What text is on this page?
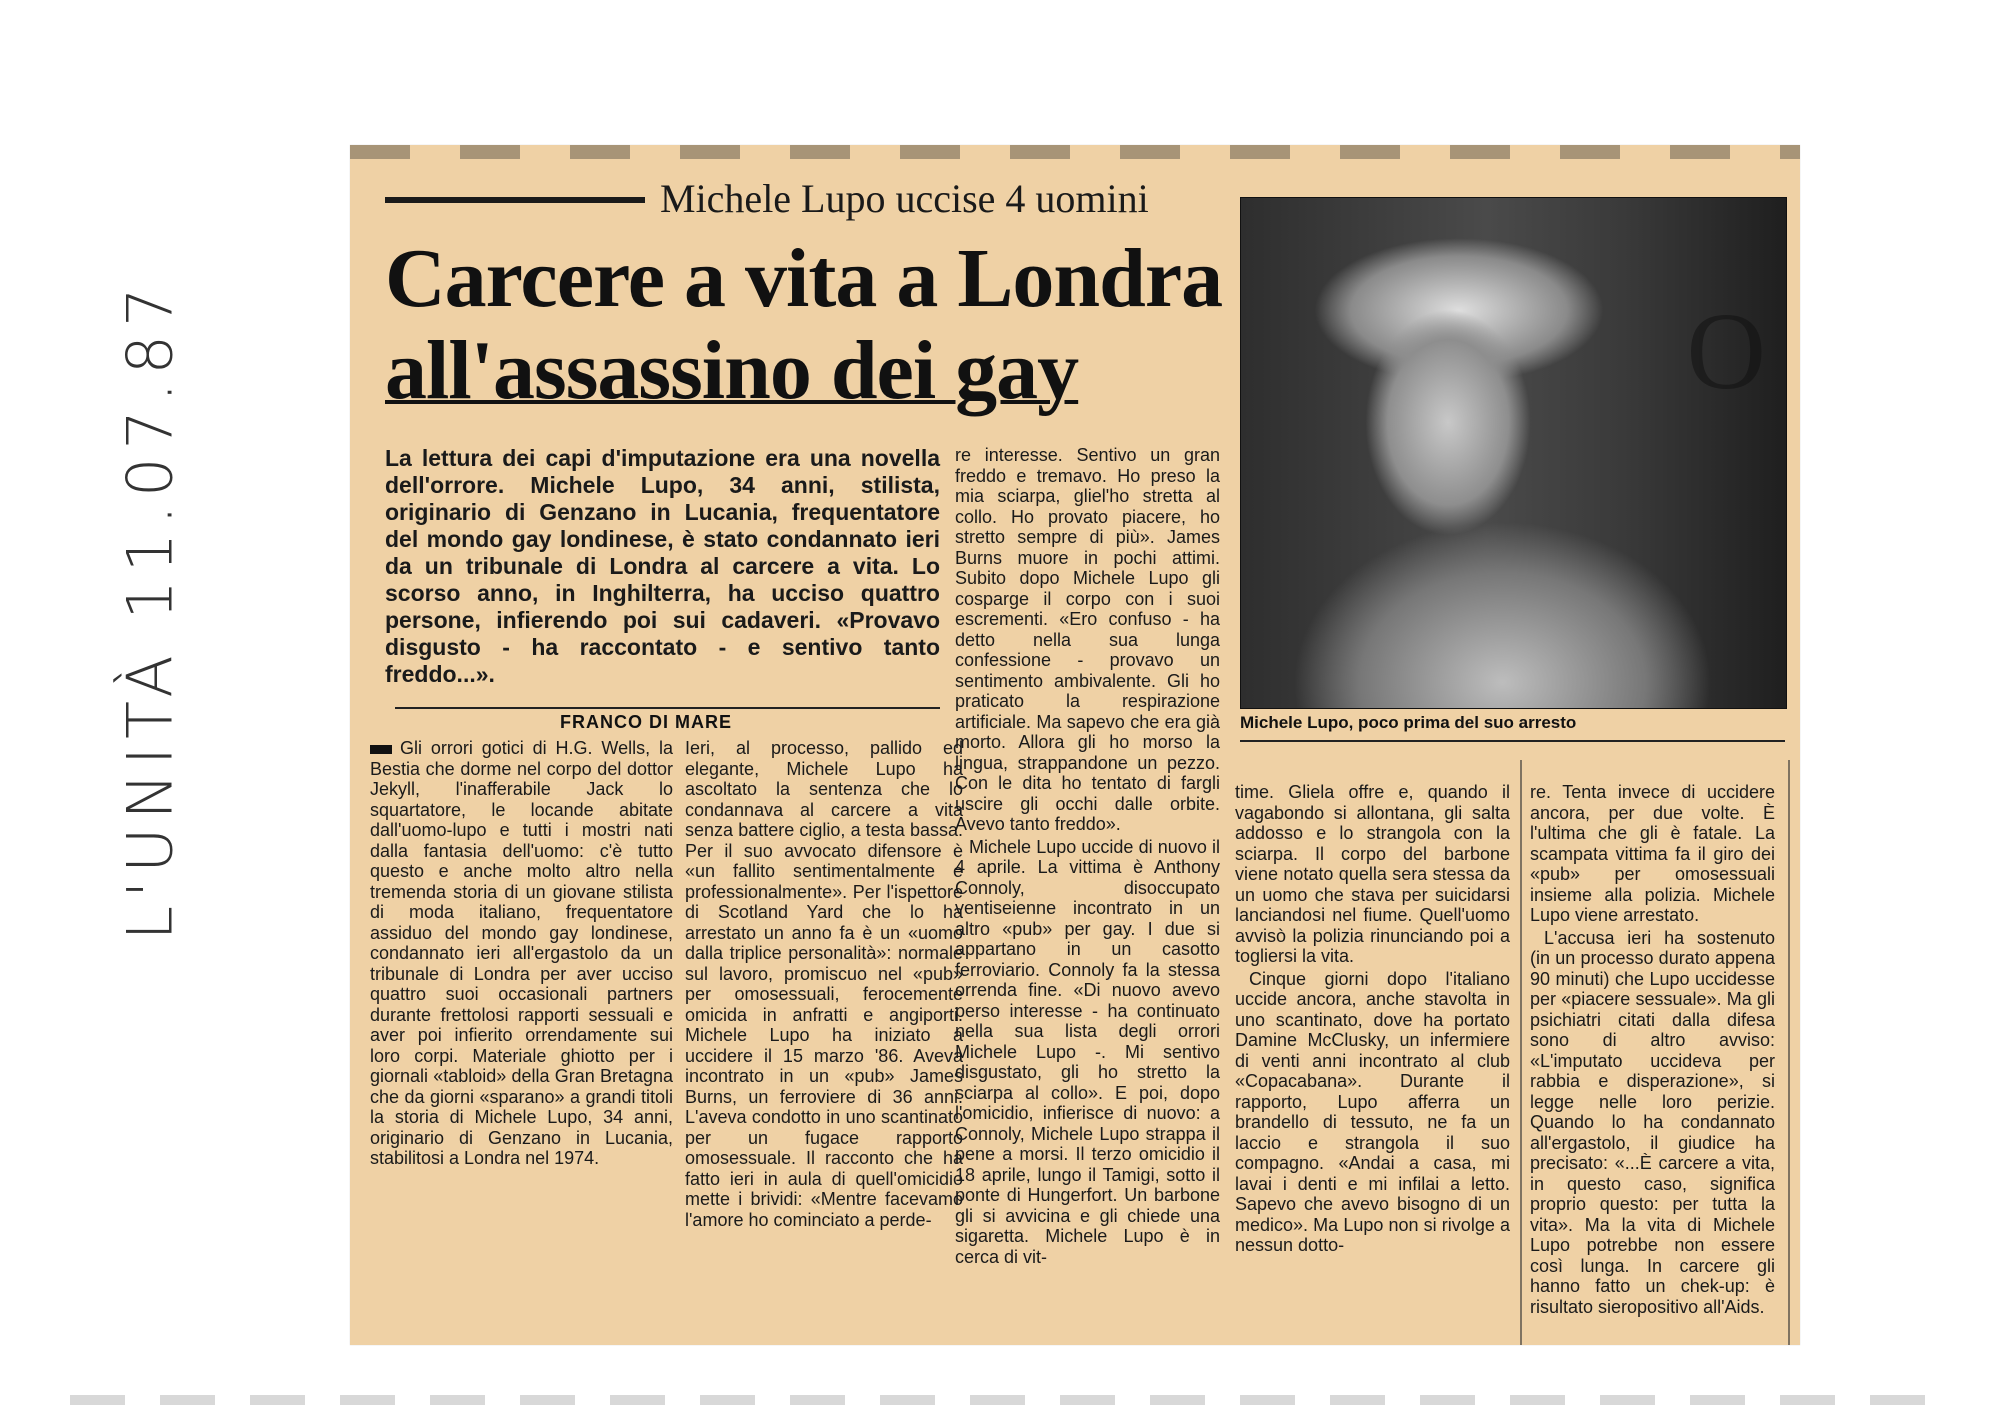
L'UNITÀ 11.07.87
Michele Lupo uccise 4 uomini
Carcere a vita a Londra
all'assassino dei gay
La lettura dei capi d'imputazione era una novella dell'orrore. Michele Lupo, 34 anni, stilista, originario di Genzano in Lucania, frequentatore del mondo gay londinese, è stato condannato ieri da un tribunale di Londra al carcere a vita. Lo scorso anno, in Inghilterra, ha ucciso quattro persone, infierendo poi sui cadaveri. «Provavo disgusto - ha raccontato - e sentivo tanto freddo...».
FRANCO DI MARE

Gli orrori gotici di H.G. Wells, la Bestia che dorme nel corpo del dottor Jekyll, l'inafferabile Jack lo squartatore, le locande abitate dall'uomo-lupo e tutti i mostri nati dalla fantasia dell'uomo: c'è tutto questo e anche molto altro nella tremenda storia di un giovane stilista di moda italiano, frequentatore assiduo del mondo gay londinese, condannato ieri all'ergastolo da un tribunale di Londra per aver ucciso quattro suoi occasionali partners durante frettolosi rapporti sessuali e aver poi infierito orrendamente sui loro corpi. Materiale ghiotto per i giornali «tabloid» della Gran Bretagna che da giorni «sparano» a grandi titoli la storia di Michele Lupo, 34 anni, originario di Genzano in Lucania, stabilitosi a Londra nel 1974.

Ieri, al processo, pallido ed elegante, Michele Lupo ha ascoltato la sentenza che lo condannava al carcere a vita senza battere ciglio, a testa bassa. Per il suo avvocato difensore è «un fallito sentimentalmente e professionalmente». Per l'ispettore di Scotland Yard che lo ha arrestato un anno fa è un «uomo dalla triplice personalità»: normale sul lavoro, promiscuo nel «pub» per omosessuali, ferocemente omicida in anfratti e angiporti. Michele Lupo ha iniziato a uccidere il 15 marzo '86. Aveva incontrato in un «pub» James Burns, un ferroviere di 36 anni. L'aveva condotto in uno scantinato per un fugace rapporto omosessuale. Il racconto che ha fatto ieri in aula di quell'omicidio mette i brividi: «Mentre facevamo l'amore ho cominciato a perde-

re interesse. Sentivo un gran freddo e tremavo. Ho preso la mia sciarpa, gliel'ho stretta al collo. Ho provato piacere, ho stretto sempre di più». James Burns muore in pochi attimi. Subito dopo Michele Lupo gli cosparge il corpo con i suoi escrementi. «Ero confuso - ha detto nella sua lunga confessione - provavo un sentimento ambivalente. Gli ho praticato la respirazione artificiale. Ma sapevo che era già morto. Allora gli ho morso la lingua, strappandone un pezzo. Con le dita ho tentato di fargli uscire gli occhi dalle orbite. Avevo tanto freddo».

Michele Lupo uccide di nuovo il 4 aprile. La vittima è Anthony Connoly, disoccupato ventiseienne incontrato in un altro «pub» per gay. I due si appartano in un casotto ferroviario. Connoly fa la stessa orrenda fine. «Di nuovo avevo perso interesse - ha continuato nella sua lista degli orrori Michele Lupo -. Mi sentivo disgustato, gli ho stretto la sciarpa al collo». E poi, dopo l'omicidio, infierisce di nuovo: a Connoly, Michele Lupo strappa il pene a morsi. Il terzo omicidio il 18 aprile, lungo il Tamigi, sotto il ponte di Hungerfort. Un barbone gli si avvicina e gli chiede una sigaretta. Michele Lupo è in cerca di vit-

O
Michele Lupo, poco prima del suo arresto

time. Gliela offre e, quando il vagabondo si allontana, gli salta addosso e lo strangola con la sciarpa. Il corpo del barbone viene notato quella sera stessa da un uomo che stava per suicidarsi lanciandosi nel fiume. Quell'uomo avvisò la polizia rinunciando poi a togliersi la vita.

Cinque giorni dopo l'italiano uccide ancora, anche stavolta in uno scantinato, dove ha portato Damine McClusky, un infermiere di venti anni incontrato al club «Copacabana». Durante il rapporto, Lupo afferra un brandello di tessuto, ne fa un laccio e strangola il suo compagno. «Andai a casa, mi lavai i denti e mi infilai a letto. Sapevo che avevo bisogno di un medico». Ma Lupo non si rivolge a nessun dotto-

re. Tenta invece di uccidere ancora, per due volte. È l'ultima che gli è fatale. La scampata vittima fa il giro dei «pub» per omosessuali insieme alla polizia. Michele Lupo viene arrestato.

L'accusa ieri ha sostenuto (in un processo durato appena 90 minuti) che Lupo uccidesse per «piacere sessuale». Ma gli psichiatri citati dalla difesa sono di altro avviso: «L'imputato uccideva per rabbia e disperazione», si legge nelle loro perizie. Quando lo ha condannato all'ergastolo, il giudice ha precisato: «...È carcere a vita, in questo caso, significa proprio questo: per tutta la vita». Ma la vita di Michele Lupo potrebbe non essere così lunga. In carcere gli hanno fatto un chek-up: è risultato sieropositivo all'Aids.
